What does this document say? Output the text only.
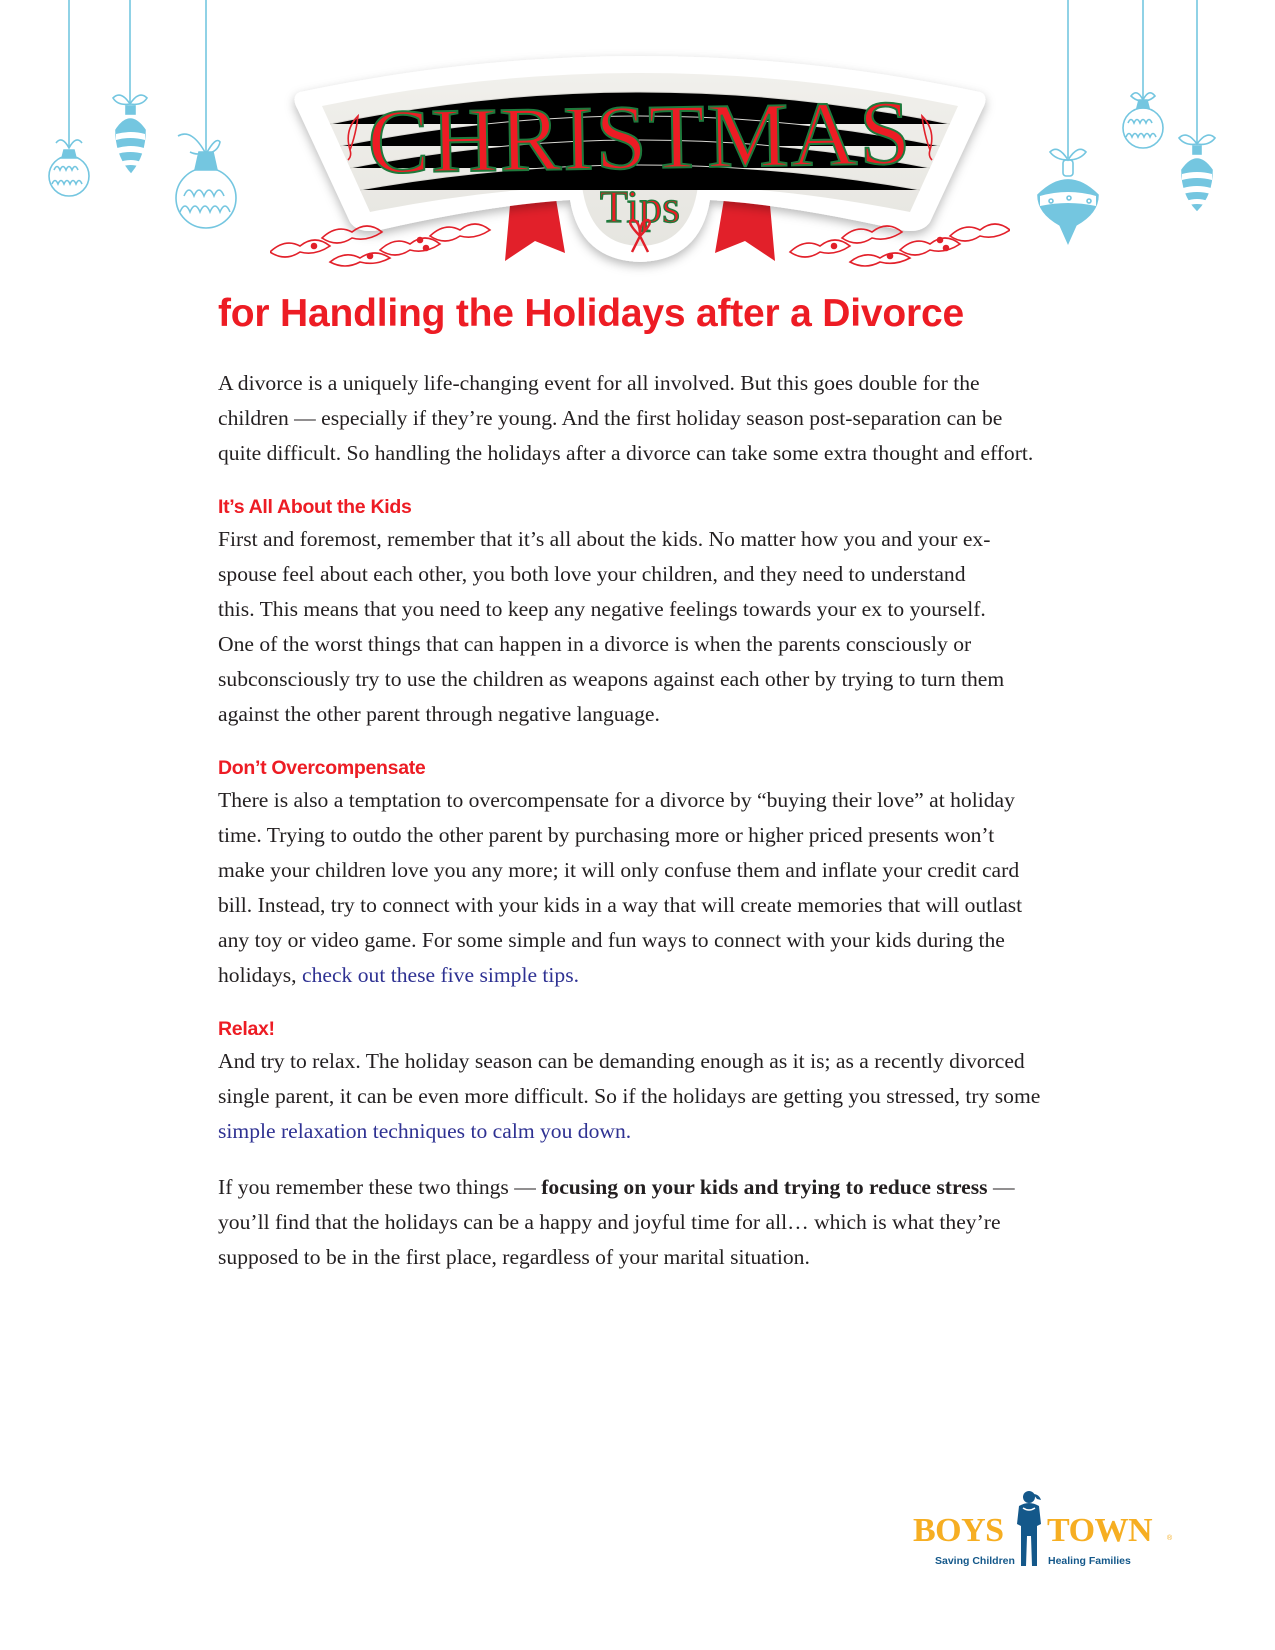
CHRISTMAS
Tips
for Handling the Holidays after a Divorce

A divorce is a uniquely life-changing event for all involved. But this goes double for the
children — especially if they’re young. And the first holiday season post-separation can be
quite difficult. So handling the holidays after a divorce can take some extra thought and effort.

It’s All About the Kids

First and foremost, remember that it’s all about the kids. No matter how you and your ex-
spouse feel about each other, you both love your children, and they need to understand
this. This means that you need to keep any negative feelings towards your ex to yourself.
One of the worst things that can happen in a divorce is when the parents consciously or
subconsciously try to use the children as weapons against each other by trying to turn them
against the other parent through negative language.

Don’t Overcompensate

There is also a temptation to overcompensate for a divorce by “buying their love” at holiday
time. Trying to outdo the other parent by purchasing more or higher priced presents won’t
make your children love you any more; it will only confuse them and inflate your credit card
bill. Instead, try to connect with your kids in a way that will create memories that will outlast
any toy or video game. For some simple and fun ways to connect with your kids during the
holidays, check out these five simple tips.

Relax!

And try to relax. The holiday season can be demanding enough as it is; as a recently divorced
single parent, it can be even more difficult. So if the holidays are getting you stressed, try some
simple relaxation techniques to calm you down.

If you remember these two things — focusing on your kids and trying to reduce stress —
you’ll find that the holidays can be a happy and joyful time for all… which is what they’re
supposed to be in the first place, regardless of your marital situation.

BOYS TOWN ®
Saving Children	Healing Families
